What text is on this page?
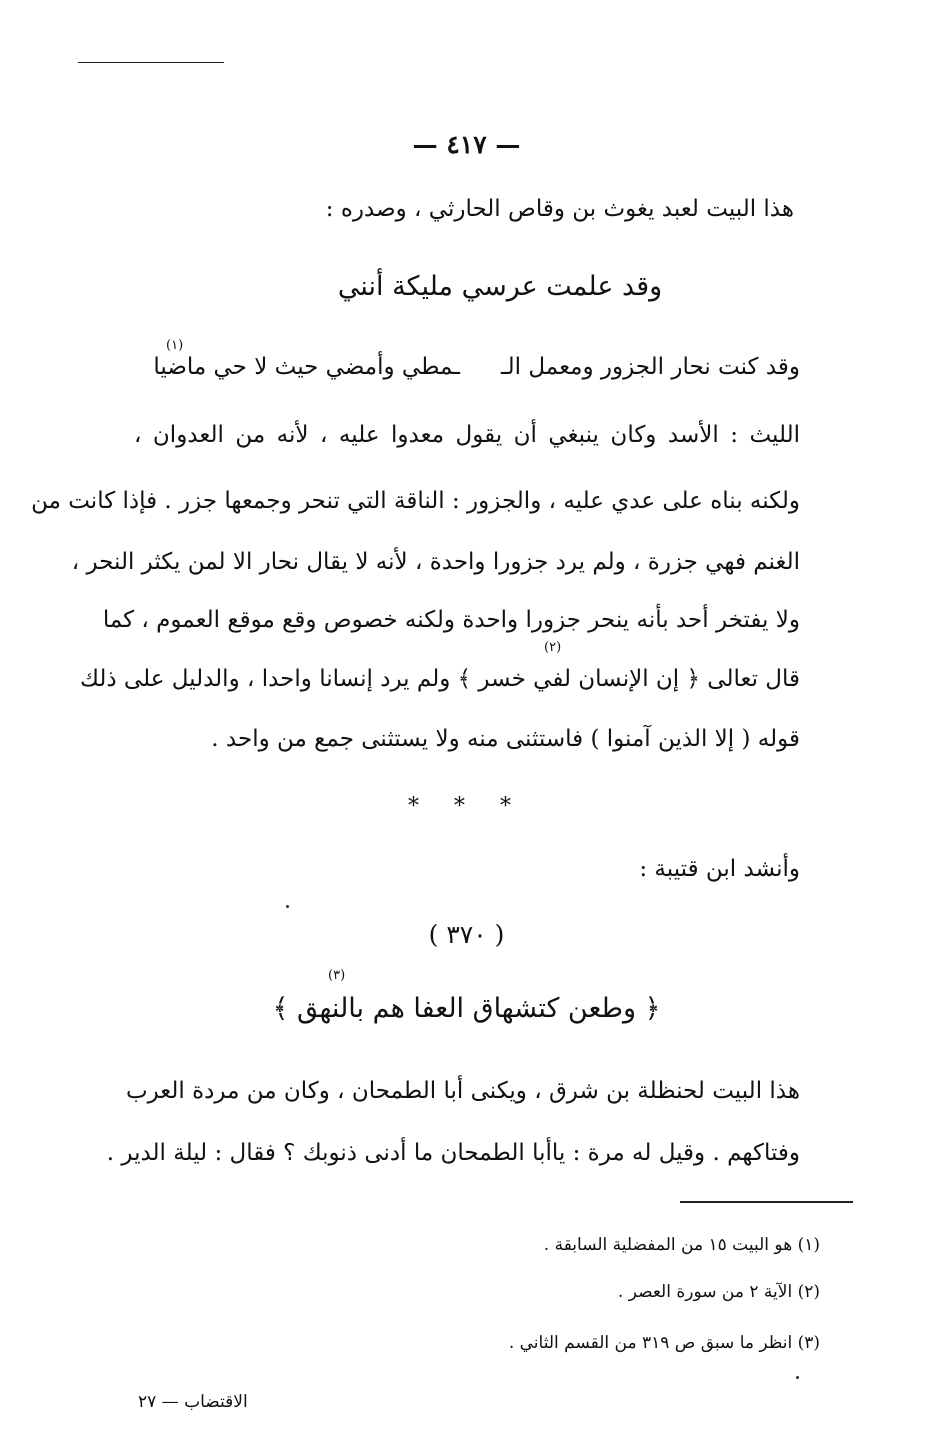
— ٤١٧ —
هذا البيت لعبد يغوث بن وقاص الحارثي ، وصدره :
وقد علمت عرسي مليكة أنني
(١)
وقد كنت نحار الجزور ومعمل الـ
ـمطي وأمضي حيث لا حي ماضيا
الليث : الأسد وكان ينبغي أن يقول معدوا عليه ، لأنه من العدوان ،
ولكنه بناه على عدي عليه ، والجزور : الناقة التي تنحر وجمعها جزر . فإذا كانت من
الغنم فهي جزرة ، ولم يرد جزورا واحدة ، لأنه لا يقال نحار الا لمن يكثر النحر ،
ولا يفتخر أحد بأنه ينحر جزورا واحدة ولكنه خصوص وقع موقع العموم ، كما
(٢)
قال تعالى ﴿ إن الإنسان لفي خسر ﴾ ولم يرد إنسانا واحدا ، والدليل على ذلك
قوله ( إلا الذين آمنوا ) فاستثنى منه ولا يستثنى جمع من واحد .
* * *
وأنشد ابن قتيبة :
( ٣٧٠ )
(٣)
﴿ وطعن كتشهاق العفا هم بالنهق ﴾
هذا البيت لحنظلة بن شرق ، ويكنى أبا الطمحان ، وكان من مردة العرب
وفتاكهم . وقيل له مرة : ياأبا الطمحان ما أدنى ذنوبك ؟ فقال : ليلة الدير .
(١) هو البيت ١٥ من المفضلية السابقة .
(٢) الآية ٢ من سورة العصر .
(٣) انظر ما سبق ص ٣١٩ من القسم الثاني .
الاقتضاب — ٢٧
